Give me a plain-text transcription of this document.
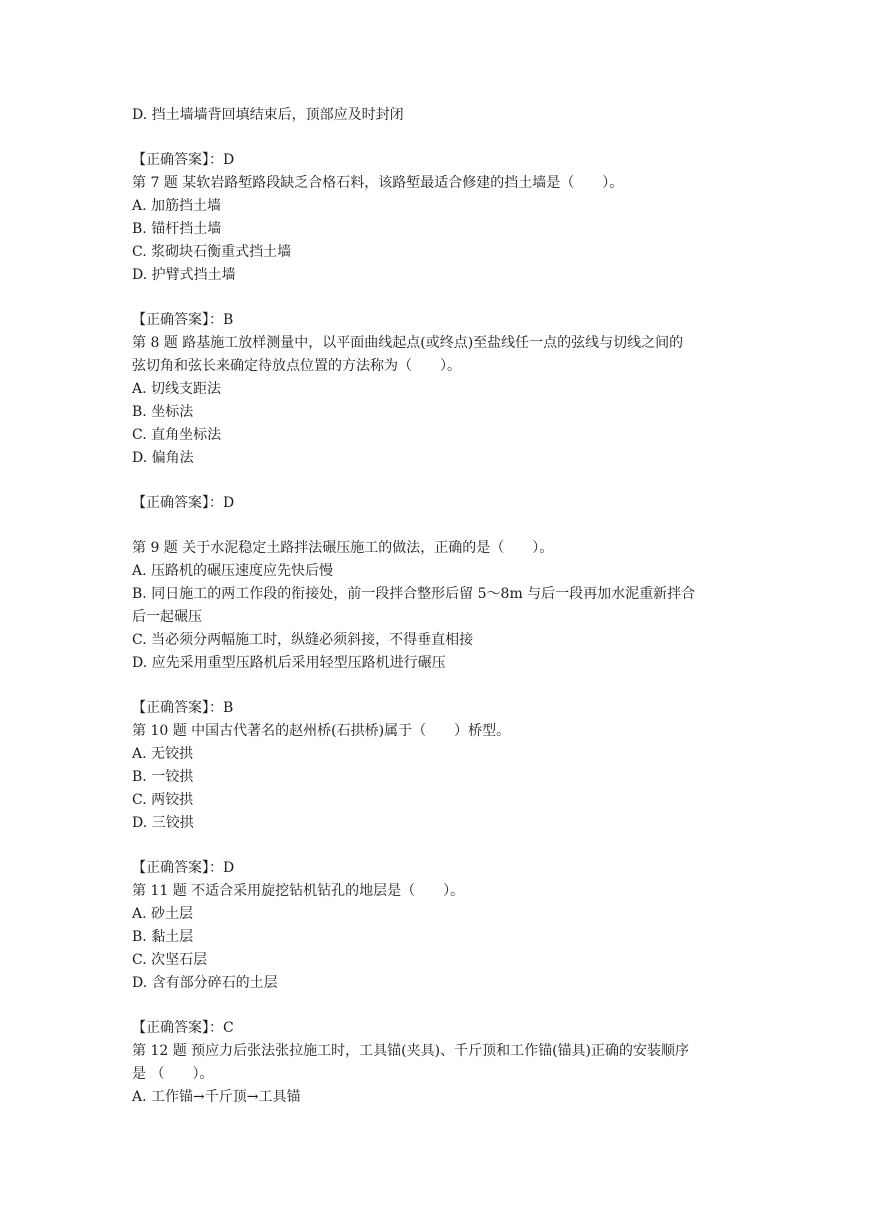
D. 挡土墙墙背回填结束后，顶部应及时封闭
【正确答案】：D
第 7 题 某软岩路堑路段缺乏合格石料，该路堑最适合修建的挡土墙是（　　）。
A. 加筋挡土墙
B. 锚杆挡土墙
C. 浆砌块石衡重式挡土墙
D. 护臂式挡土墙
【正确答案】：B
第 8 题 路基施工放样测量中，以平面曲线起点(或终点)至盐线任一点的弦线与切线之间的
弦切角和弦长来确定待放点位置的方法称为（　　）。
A. 切线支距法
B. 坐标法
C. 直角坐标法
D. 偏角法
【正确答案】：D
第 9 题 关于水泥稳定土路拌法碾压施工的做法，正确的是（　　）。
A. 压路机的碾压速度应先快后慢
B. 同日施工的两工作段的衔接处，前一段拌合整形后留 5～8m 与后一段再加水泥重新拌合
后一起碾压
C. 当必须分两幅施工时，纵缝必须斜接，不得垂直相接
D. 应先采用重型压路机后采用轻型压路机进行碾压
【正确答案】：B
第 10 题 中国古代著名的赵州桥(石拱桥)属于（　　）桥型。
A. 无铰拱
B. 一铰拱
C. 两铰拱
D. 三铰拱
【正确答案】：D
第 11 题 不适合采用旋挖钻机钻孔的地层是（　　）。
A. 砂土层
B. 黏土层
C. 次坚石层
D. 含有部分碎石的土层
【正确答案】：C
第 12 题 预应力后张法张拉施工时，工具锚(夹具)、千斤顶和工作锚(锚具)正确的安装顺序
是 （　　）。
A. 工作锚→千斤顶→工具锚
